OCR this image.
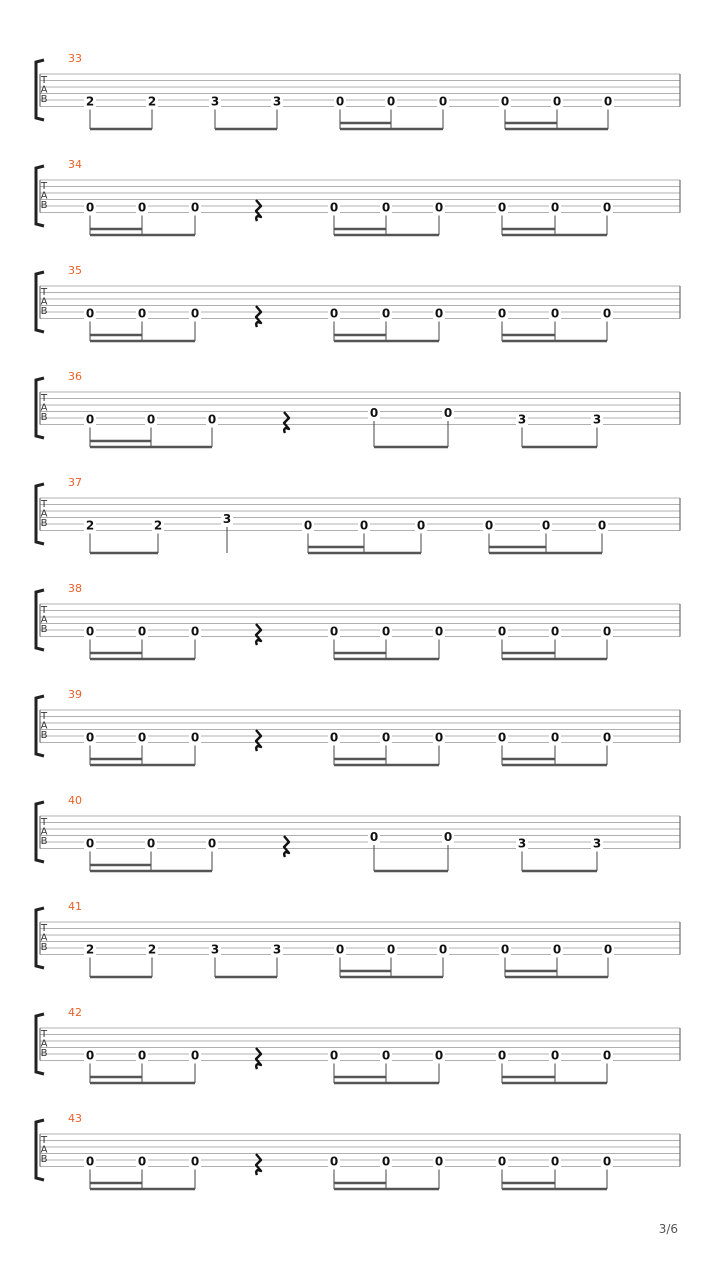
33
T
A
B	2	2	3	3	0	0	0	0	0	0
34
T
A
B	0	0	0	0	0	0	0	0	0
35
T
A
B	0	0	0	0	0	0	0	0	0
36
T
A
B	0	0	0	0	0	3	3
37
T
A
B	2	2	3	0	0	0	0	0	0
38
T
A
B	0	0	0	0	0	0	0	0	0
39
T
A
B	0	0	0	0	0	0	0	0	0
40
T
A
B	0	0	0	0	0	3	3
41
T
A
B	2	2	3	3	0	0	0	0	0	0
42
T
A
B	0	0	0	0	0	0	0	0	0
43
T
A
B	0	0	0	0	0	0	0	0	0
3/6
